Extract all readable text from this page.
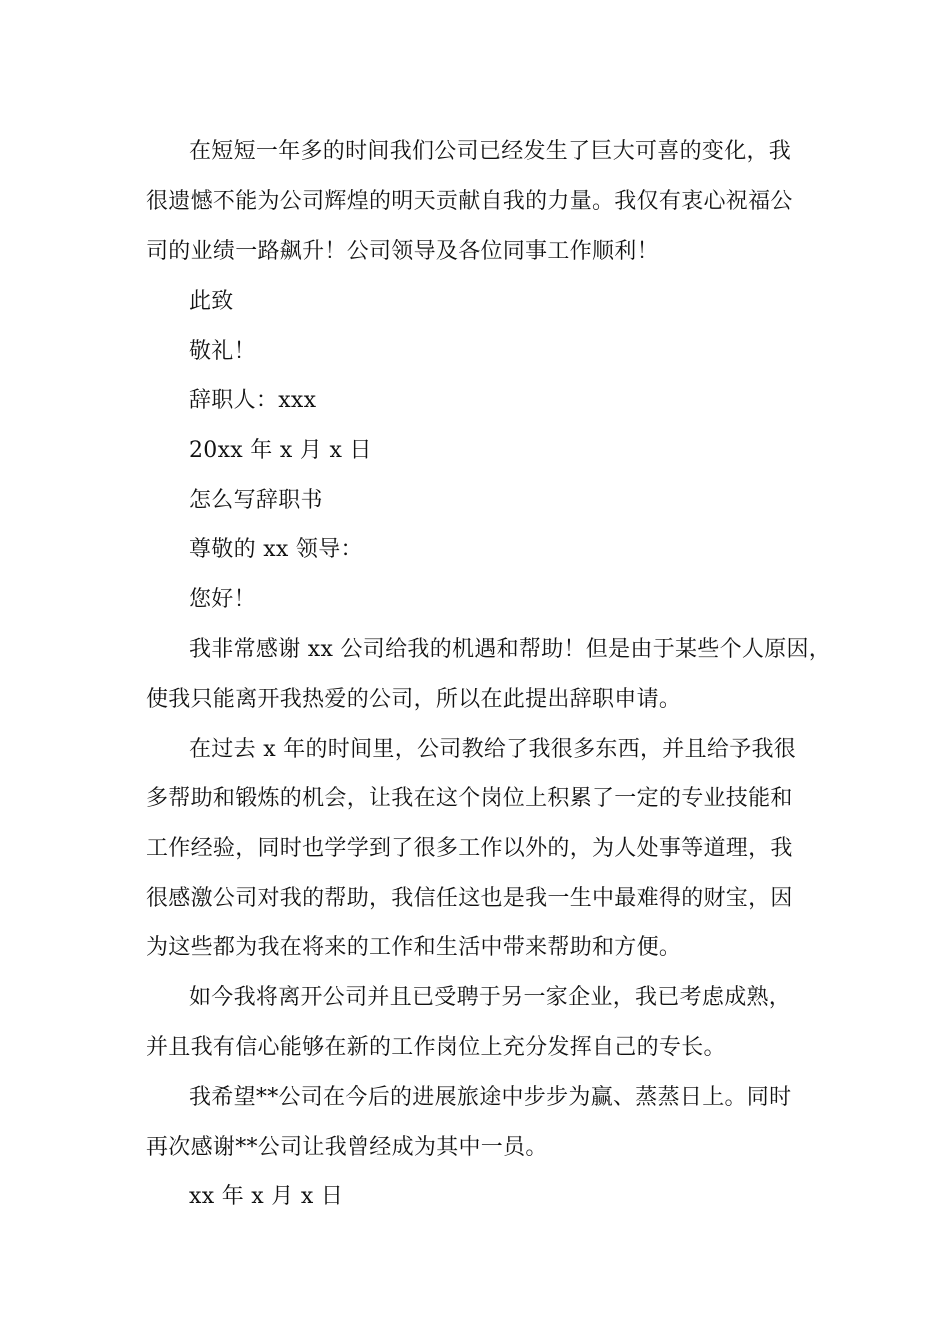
在短短一年多的时间我们公司已经发生了巨大可喜的变化，我
很遗憾不能为公司辉煌的明天贡献自我的力量。我仅有衷心祝福公
司的业绩一路飙升！公司领导及各位同事工作顺利！
此致
敬礼！
辞职人：xxx
20xx 年 x 月 x 日
怎么写辞职书
尊敬的 xx 领导：
您好！
我非常感谢 xx 公司给我的机遇和帮助！但是由于某些个人原因，
使我只能离开我热爱的公司，所以在此提出辞职申请。
在过去 x 年的时间里，公司教给了我很多东西，并且给予我很
多帮助和锻炼的机会，让我在这个岗位上积累了一定的专业技能和
工作经验，同时也学学到了很多工作以外的，为人处事等道理，我
很感激公司对我的帮助，我信任这也是我一生中最难得的财宝，因
为这些都为我在将来的工作和生活中带来帮助和方便。
如今我将离开公司并且已受聘于另一家企业，我已考虑成熟，
并且我有信心能够在新的工作岗位上充分发挥自己的专长。
我希望**公司在今后的进展旅途中步步为赢、蒸蒸日上。同时
再次感谢**公司让我曾经成为其中一员。
xx 年 x 月 x 日
